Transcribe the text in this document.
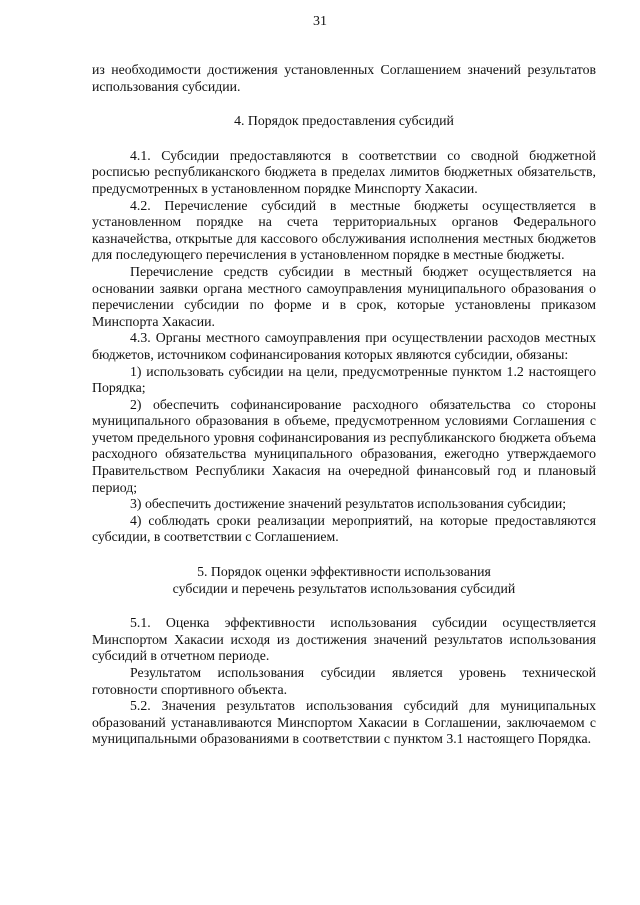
31

из необходимости достижения установленных Соглашением значений результатов использования субсидии.

4. Порядок предоставления субсидий

4.1. Субсидии предоставляются в соответствии со сводной бюджетной росписью республиканского бюджета в пределах лимитов бюджетных обязательств, предусмотренных в установленном порядке Минспорту Хакасии.

4.2. Перечисление субсидий в местные бюджеты осуществляется в установленном порядке на счета территориальных органов Федерального казначейства, открытые для кассового обслуживания исполнения местных бюджетов для последующего перечисления в установленном порядке в местные бюджеты.

Перечисление средств субсидии в местный бюджет осуществляется на основании заявки органа местного самоуправления муниципального образования о перечислении субсидии по форме и в срок, которые установлены приказом Минспорта Хакасии.

4.3. Органы местного самоуправления при осуществлении расходов местных бюджетов, источником софинансирования которых являются субсидии, обязаны:

1) использовать субсидии на цели, предусмотренные пунктом 1.2 настоящего Порядка;

2) обеспечить софинансирование расходного обязательства со стороны муниципального образования в объеме, предусмотренном условиями Соглашения с учетом предельного уровня софинансирования из республиканского бюджета объема расходного обязательства муниципального образования, ежегодно утверждаемого Правительством Республики Хакасия на очередной финансовый год и плановый период;

3) обеспечить достижение значений результатов использования субсидии;

4) соблюдать сроки реализации мероприятий, на которые предоставляются субсидии, в соответствии с Соглашением.

5. Порядок оценки эффективности использования

субсидии и перечень результатов использования субсидий

5.1. Оценка эффективности использования субсидии осуществляется Минспортом Хакасии исходя из достижения значений результатов использования субсидий в отчетном периоде.

Результатом использования субсидии является уровень технической готовности спортивного объекта.

5.2. Значения результатов использования субсидий для муниципальных образований устанавливаются Минспортом Хакасии в Соглашении, заключаемом с муниципальными образованиями в соответствии с пунктом 3.1 настоящего Порядка.
